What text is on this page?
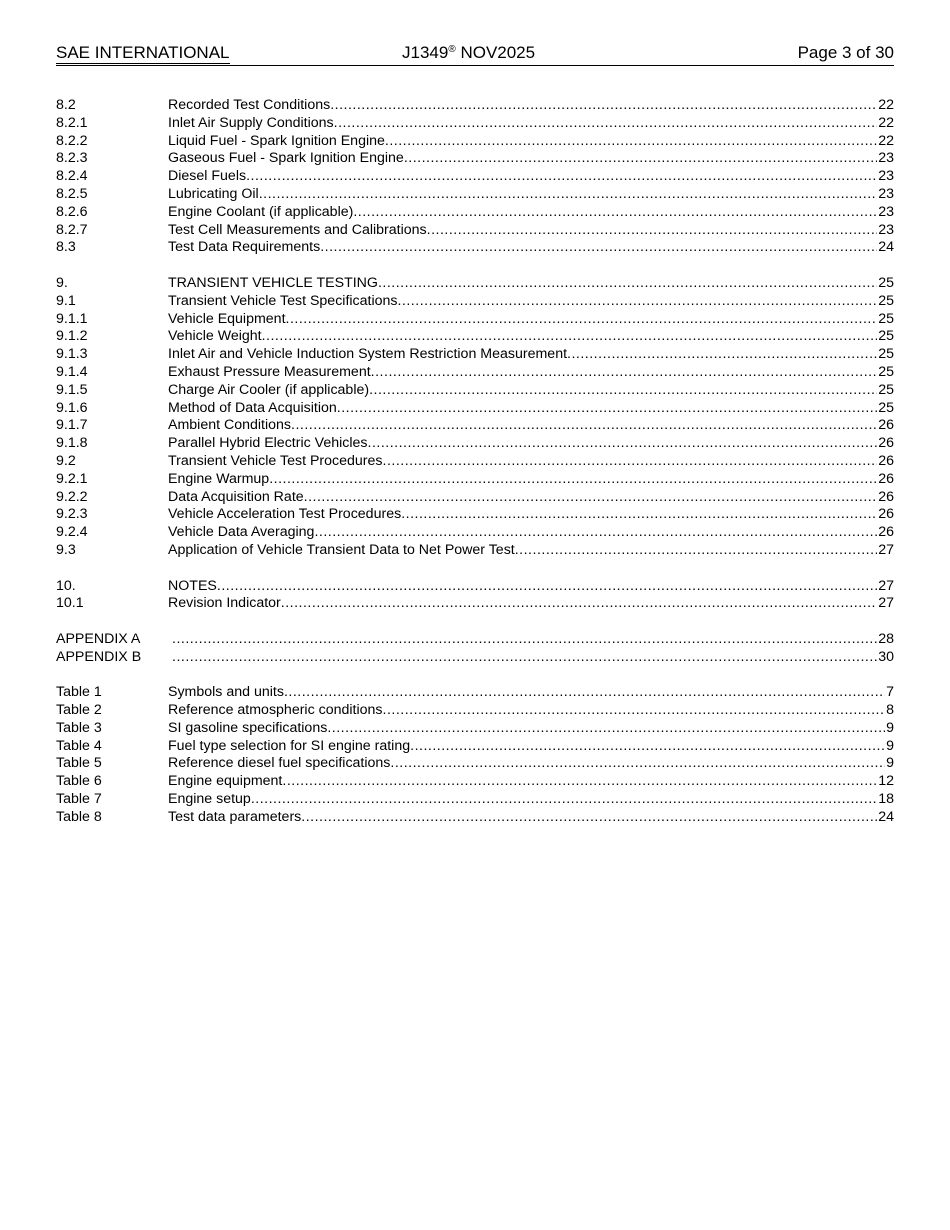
SAE INTERNATIONAL	J1349® NOV2025	Page 3 of 30
8.2	Recorded Test Conditions .....	22
8.2.1	Inlet Air Supply Conditions .....	22
8.2.2	Liquid Fuel - Spark Ignition Engine .....	22
8.2.3	Gaseous Fuel - Spark Ignition Engine .....	23
8.2.4	Diesel Fuels .....	23
8.2.5	Lubricating Oil .....	23
8.2.6	Engine Coolant (if applicable) .....	23
8.2.7	Test Cell Measurements and Calibrations .....	23
8.3	Test Data Requirements .....	24
9.	TRANSIENT VEHICLE TESTING .....	25
9.1	Transient Vehicle Test Specifications .....	25
9.1.1	Vehicle Equipment .....	25
9.1.2	Vehicle Weight .....	25
9.1.3	Inlet Air and Vehicle Induction System Restriction Measurement .....	25
9.1.4	Exhaust Pressure Measurement .....	25
9.1.5	Charge Air Cooler (if applicable) .....	25
9.1.6	Method of Data Acquisition .....	25
9.1.7	Ambient Conditions .....	26
9.1.8	Parallel Hybrid Electric Vehicles .....	26
9.2	Transient Vehicle Test Procedures .....	26
9.2.1	Engine Warmup .....	26
9.2.2	Data Acquisition Rate .....	26
9.2.3	Vehicle Acceleration Test Procedures .....	26
9.2.4	Vehicle Data Averaging .....	26
9.3	Application of Vehicle Transient Data to Net Power Test .....	27
10.	NOTES .....	27
10.1	Revision Indicator .....	27
APPENDIX A .....	28
APPENDIX B .....	30
Table 1	Symbols and units .....	7
Table 2	Reference atmospheric conditions .....	8
Table 3	SI gasoline specifications .....	9
Table 4	Fuel type selection for SI engine rating .....	9
Table 5	Reference diesel fuel specifications .....	9
Table 6	Engine equipment .....	12
Table 7	Engine setup .....	18
Table 8	Test data parameters .....	24
